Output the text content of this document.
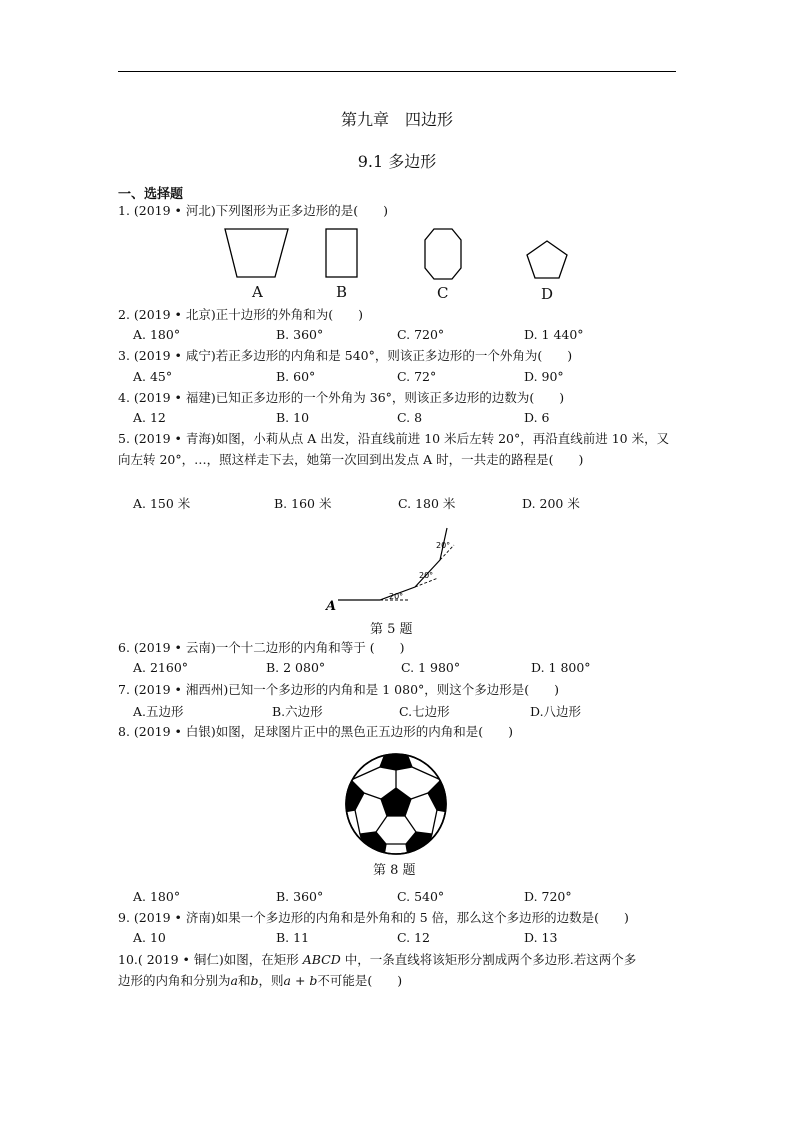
第九章　四边形
9.1 多边形
一、选择题
1. (2019 • 河北)下列图形为正多边形的是(　　)
A	B	C	D
2. (2019 • 北京)正十边形的外角和为(　　)
A. 180°	B. 360°	C. 720°	D. 1 440°
3. (2019 • 咸宁)若正多边形的内角和是 540°，则该正多边形的一个外角为(　　)
A. 45°	B. 60°	C. 72°	D. 90°
4. (2019 • 福建)已知正多边形的一个外角为 36°，则该正多边形的边数为(　　)
A. 12	B. 10	C. 8	D. 6
5. (2019 • 青海)如图，小莉从点 A 出发，沿直线前进 10 米后左转 20°，再沿直线前进 10 米，又向左转 20°，…，照这样走下去，她第一次回到出发点 A 时，一共走的路程是(　　)
A. 150 米	B. 160 米	C. 180 米	D. 200 米
A
20°
20°
20°
第 5 题
6. (2019 • 云南)一个十二边形的内角和等于 (　　)
A. 2160°	B. 2 080°	C. 1 980°	D. 1 800°
7. (2019 • 湘西州)已知一个多边形的内角和是 1 080°，则这个多边形是(　　)
A.五边形	B.六边形	C.七边形	D.八边形
8. (2019 • 白银)如图，足球图片正中的黑色正五边形的内角和是(　　)
第 8 题
A. 180°	B. 360°	C. 540°	D. 720°
9. (2019 • 济南)如果一个多边形的内角和是外角和的 5 倍，那么这个多边形的边数是(　　)
A. 10	B. 11	C. 12	D. 13
10.( 2019 • 铜仁)如图，在矩形 ABCD 中，一条直线将该矩形分割成两个多边形.若这两个多
边形的内角和分别为a和b，则a + b不可能是(　　)
